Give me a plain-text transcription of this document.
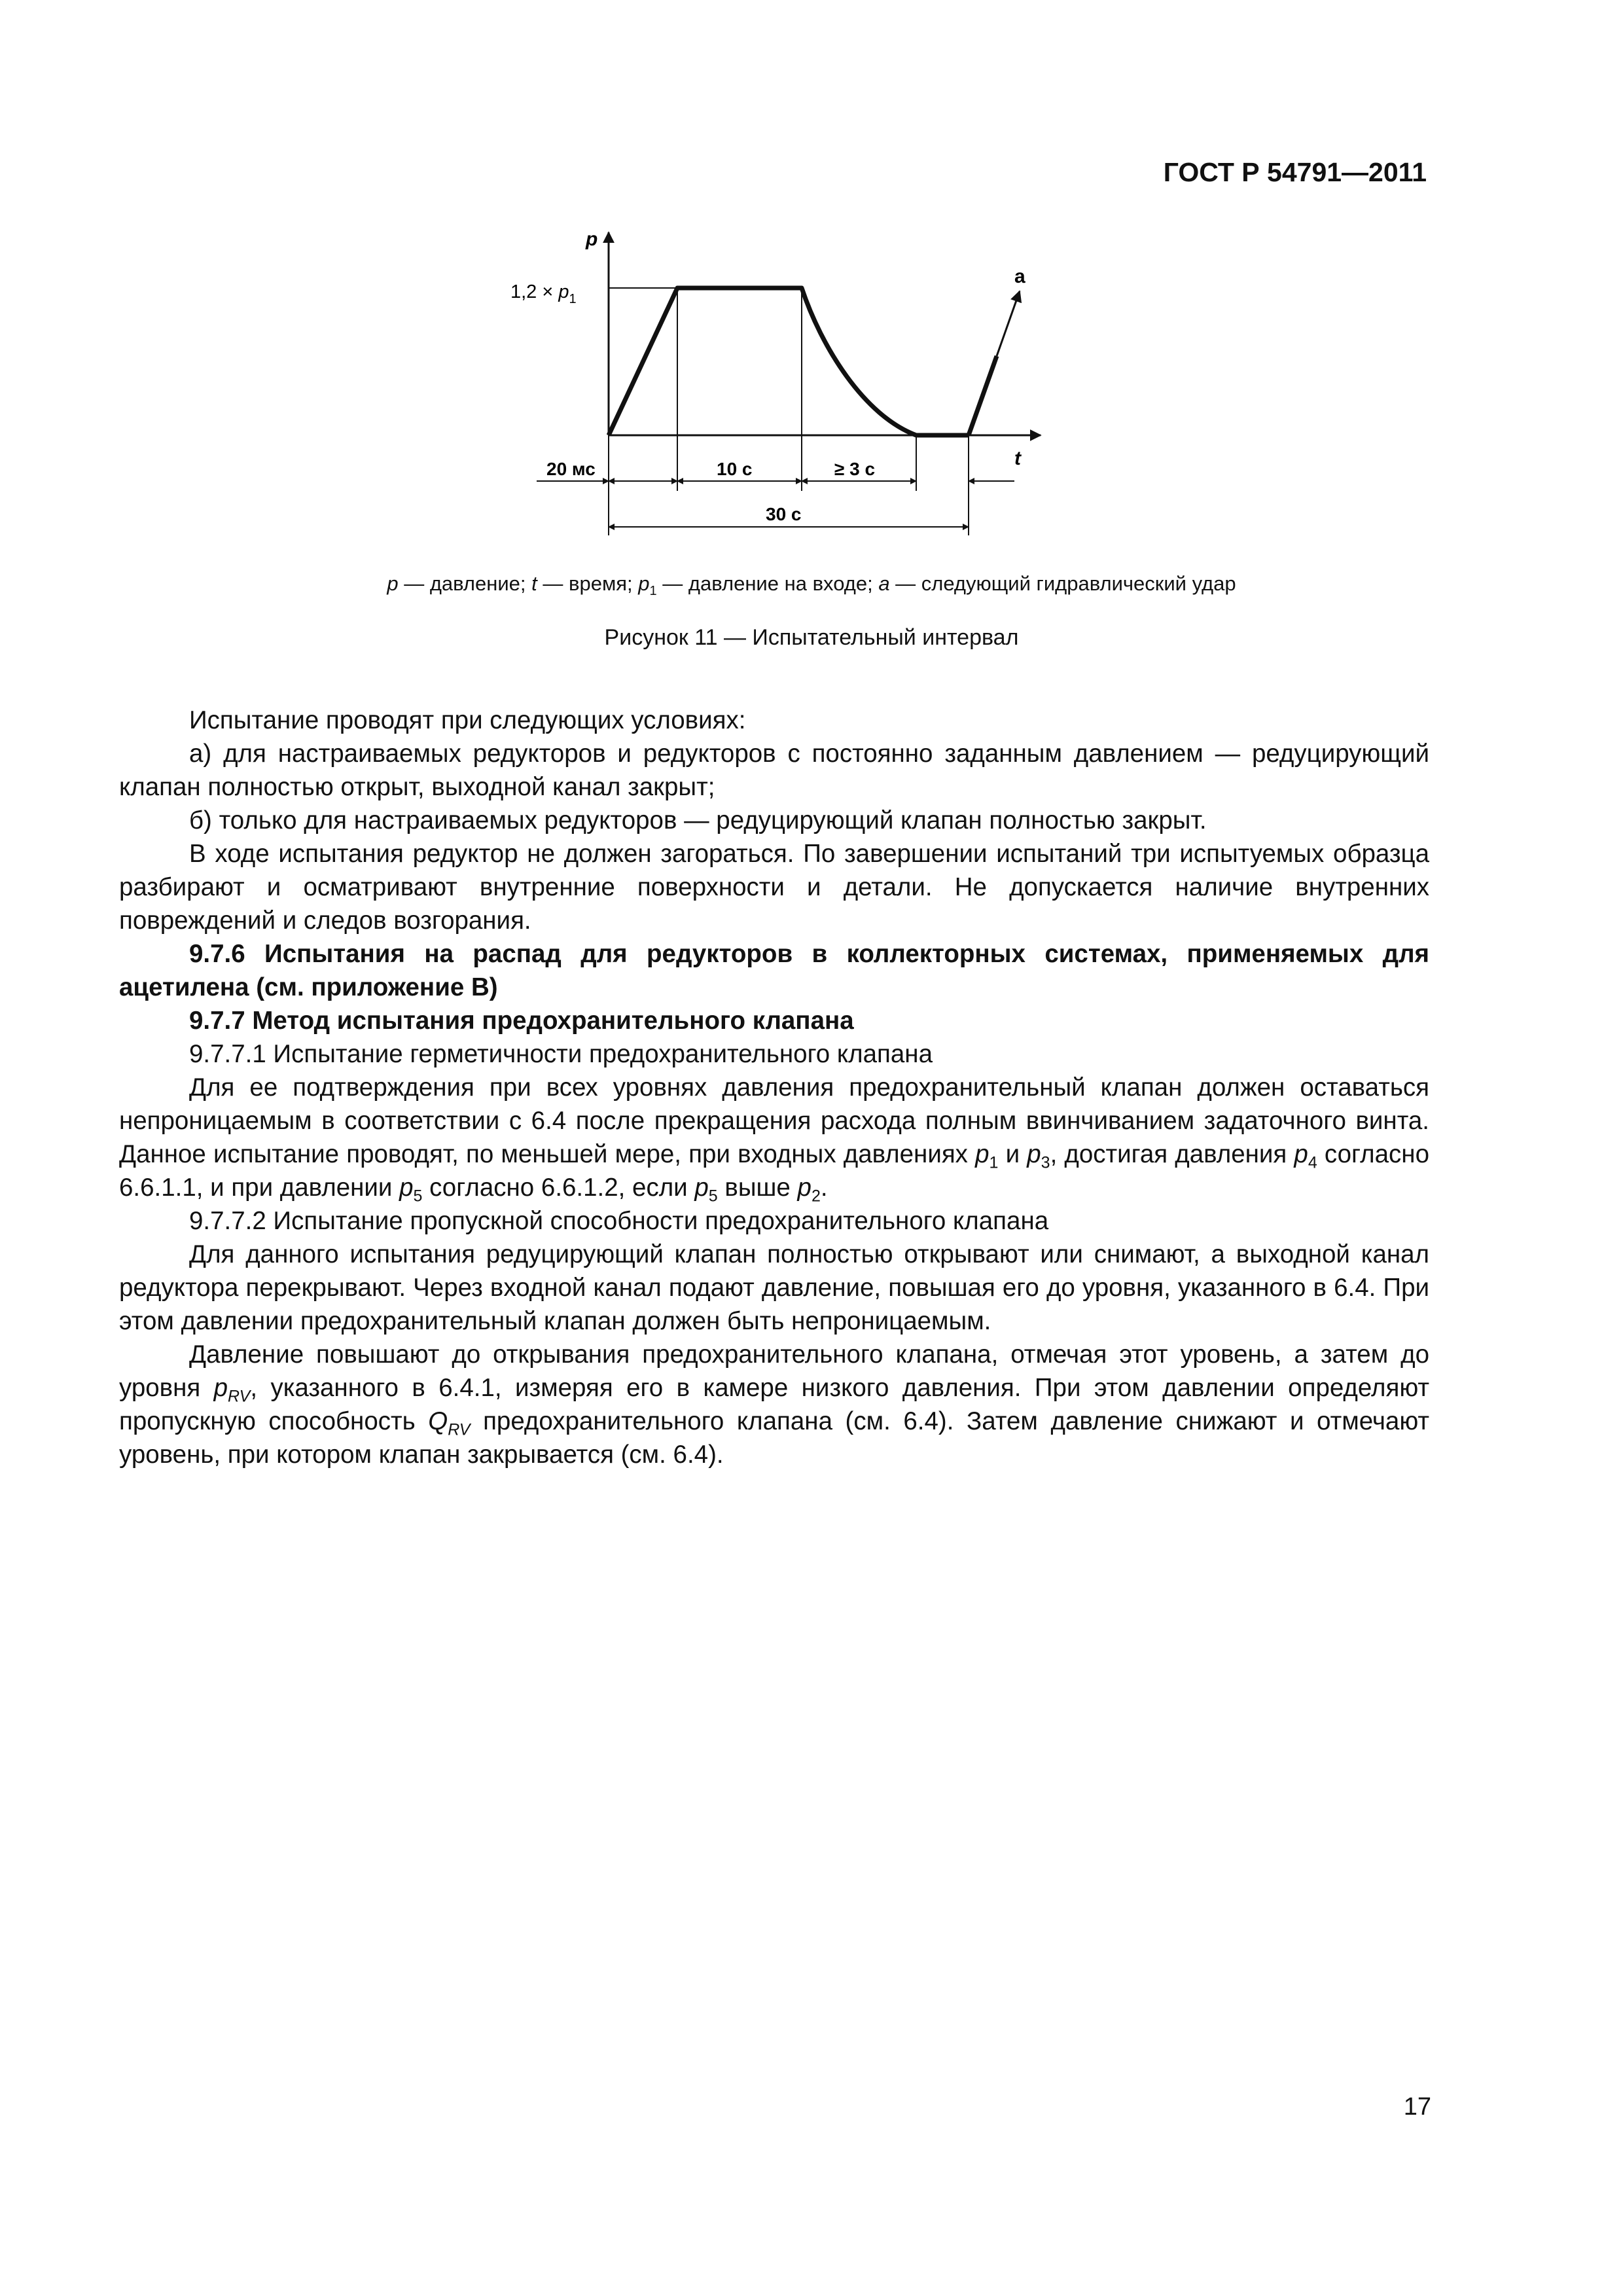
ГОСТ Р 54791—2011
p
t
$1,2 \times p_1$
a
20 мс	10 с	≥ 3 с
30 с
p — давление; t — время; $p_1$ — давление на входе; a — следующий гидравлический удар
Рисунок 11 — Испытательный интервал

Испытание проводят при следующих условиях:

а) для настраиваемых редукторов и редукторов с постоянно заданным давлением — редуцирующий клапан полностью открыт, выходной канал закрыт;

б) только для настраиваемых редукторов — редуцирующий клапан полностью закрыт.

В ходе испытания редуктор не должен загораться. По завершении испытаний три испытуемых образца разбирают и осматривают внутренние поверхности и детали. Не допускается наличие внутренних повреждений и следов возгорания.

9.7.6 Испытания на распад для редукторов в коллекторных системах, применяемых для ацетилена (см. приложение В)

9.7.7 Метод испытания предохранительного клапана

9.7.7.1 Испытание герметичности предохранительного клапана

Для ее подтверждения при всех уровнях давления предохранительный клапан должен оставаться непроницаемым в соответствии с 6.4 после прекращения расхода полным ввинчиванием задаточного винта. Данное испытание проводят, по меньшей мере, при входных давлениях $p_1$ и $p_3$, достигая давления $p_4$ согласно 6.6.1.1, и при давлении $p_5$ согласно 6.6.1.2, если $p_5$ выше $p_2$.

9.7.7.2 Испытание пропускной способности предохранительного клапана

Для данного испытания редуцирующий клапан полностью открывают или снимают, а выходной канал редуктора перекрывают. Через входной канал подают давление, повышая его до уровня, указанного в 6.4. При этом давлении предохранительный клапан должен быть непроницаемым.

Давление повышают до открывания предохранительного клапана, отмечая этот уровень, а затем до уровня $p_{RV}$, указанного в 6.4.1, измеряя его в камере низкого давления. При этом давлении определяют пропускную способность $Q_{RV}$ предохранительного клапана (см. 6.4). Затем давление снижают и отмечают уровень, при котором клапан закрывается (см. 6.4).

17
